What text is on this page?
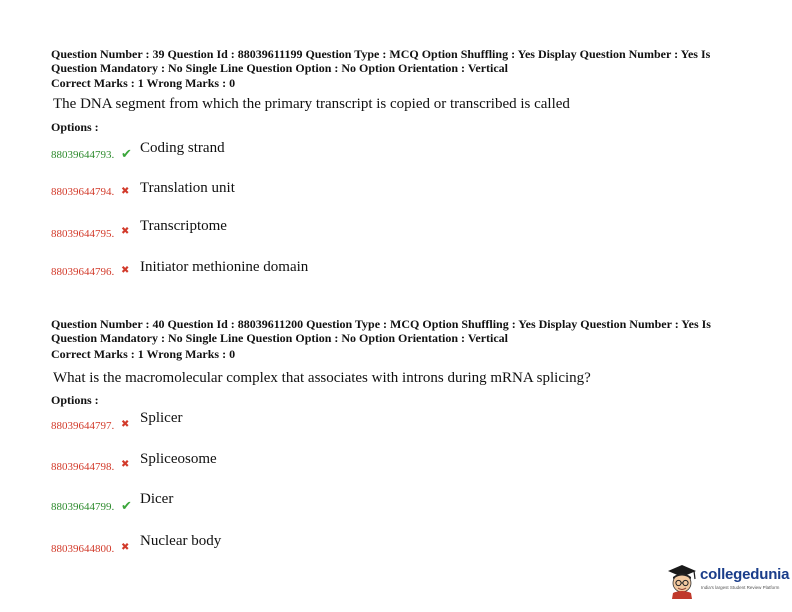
Question Number : 39 Question Id : 88039611199 Question Type : MCQ Option Shuffling : Yes Display Question Number : Yes Is Question Mandatory : No Single Line Question Option : No Option Orientation : Vertical
Correct Marks : 1 Wrong Marks : 0
The DNA segment from which the primary transcript is copied or transcribed is called
Options :
88039644793. ✔ Coding strand
88039644794. ✖ Translation unit
88039644795. ✖ Transcriptome
88039644796. ✖ Initiator methionine domain
Question Number : 40 Question Id : 88039611200 Question Type : MCQ Option Shuffling : Yes Display Question Number : Yes Is Question Mandatory : No Single Line Question Option : No Option Orientation : Vertical
Correct Marks : 1 Wrong Marks : 0
What is the macromolecular complex that associates with introns during mRNA splicing?
Options :
88039644797. ✖ Splicer
88039644798. ✖ Spliceosome
88039644799. ✔ Dicer
88039644800. ✖ Nuclear body
collegedunia
India's largest Student Review Platform
